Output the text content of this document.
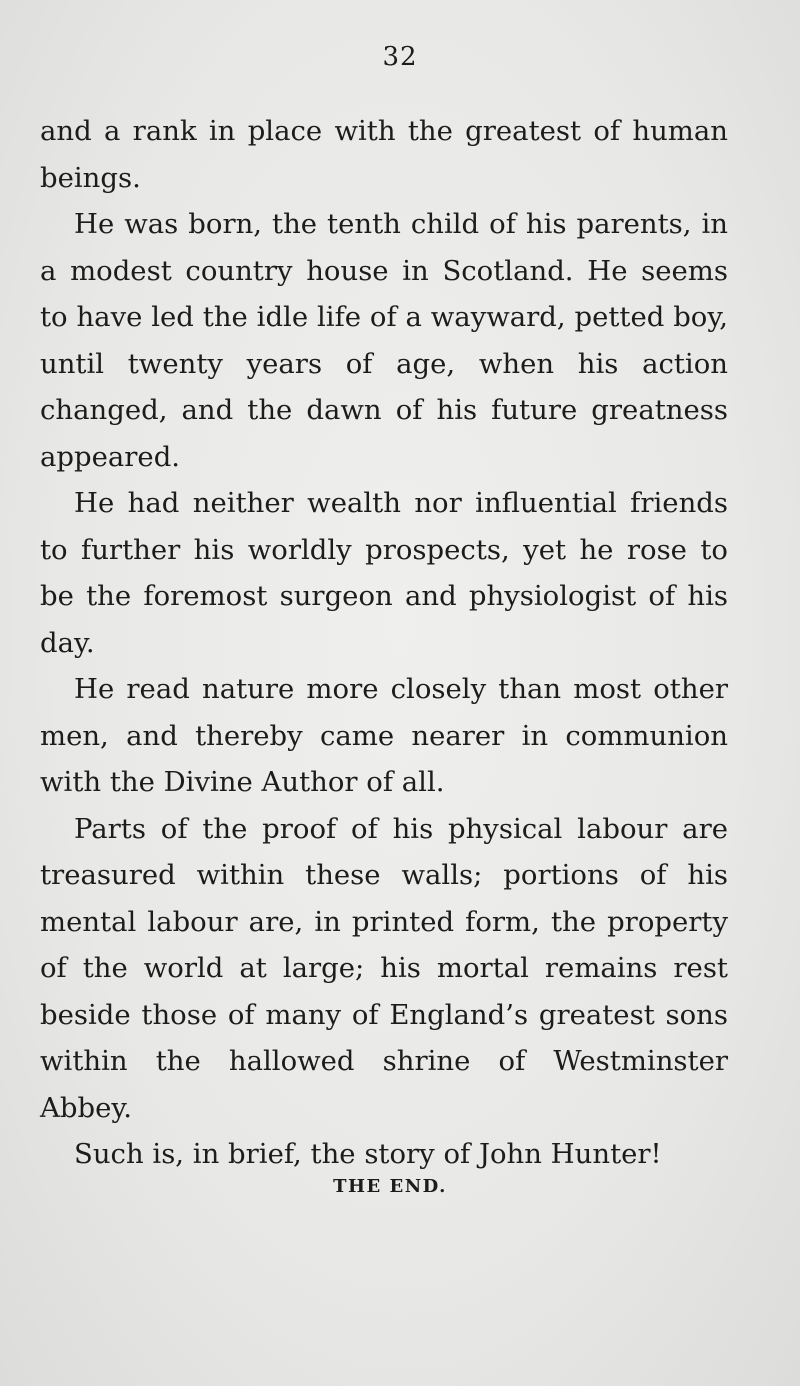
32

and a rank in place with the greatest of human beings.

He was born, the tenth child of his parents, in a modest country house in Scotland. He seems to have led the idle life of a wayward, petted boy, until twenty years of age, when his action changed, and the dawn of his future greatness appeared.

He had neither wealth nor influential friends to further his worldly prospects, yet he rose to be the foremost surgeon and physiologist of his day.

He read nature more closely than most other men, and thereby came nearer in communion with the Divine Author of all.

Parts of the proof of his physical labour are treasured within these walls; portions of his mental labour are, in printed form, the property of the world at large; his mortal remains rest beside those of many of England’s greatest sons within the hallowed shrine of Westminster Abbey.

Such is, in brief, the story of John Hunter!

THE END.
